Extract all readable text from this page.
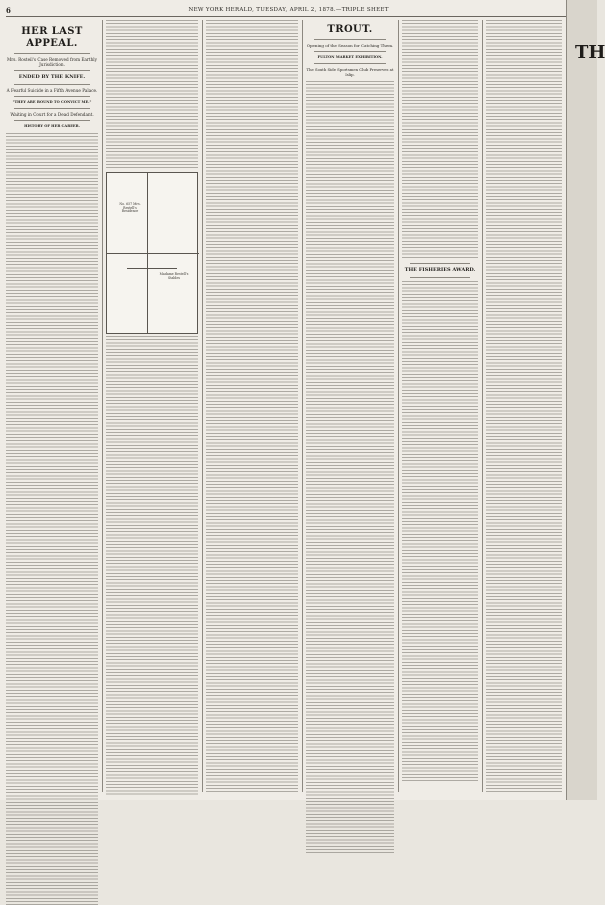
6	NEW YORK HERALD, TUESDAY, APRIL 2, 1878.—TRIPLE SHEET
HER LAST APPEAL.
Mrs. Rosteil's Case Removed from Earthly Jurisdiction.
ENDED BY THE KNIFE.
A Fearful Suicide in a Fifth Avenue Palace.
"THEY ARE BOUND TO CONVICT ME."
Waiting in Court for a Dead Defendant.
HISTORY OF HER CAREER.
No. 657 Mrs. Restell's Residence
Madame Restell's Stables
TROUT.
Opening of the Season for Catching Them.
FULTON MARKET EXHIBITION.
The South Side Sportsmen Club Preserves at Islip.
THE FISHERIES AWARD.
TH
